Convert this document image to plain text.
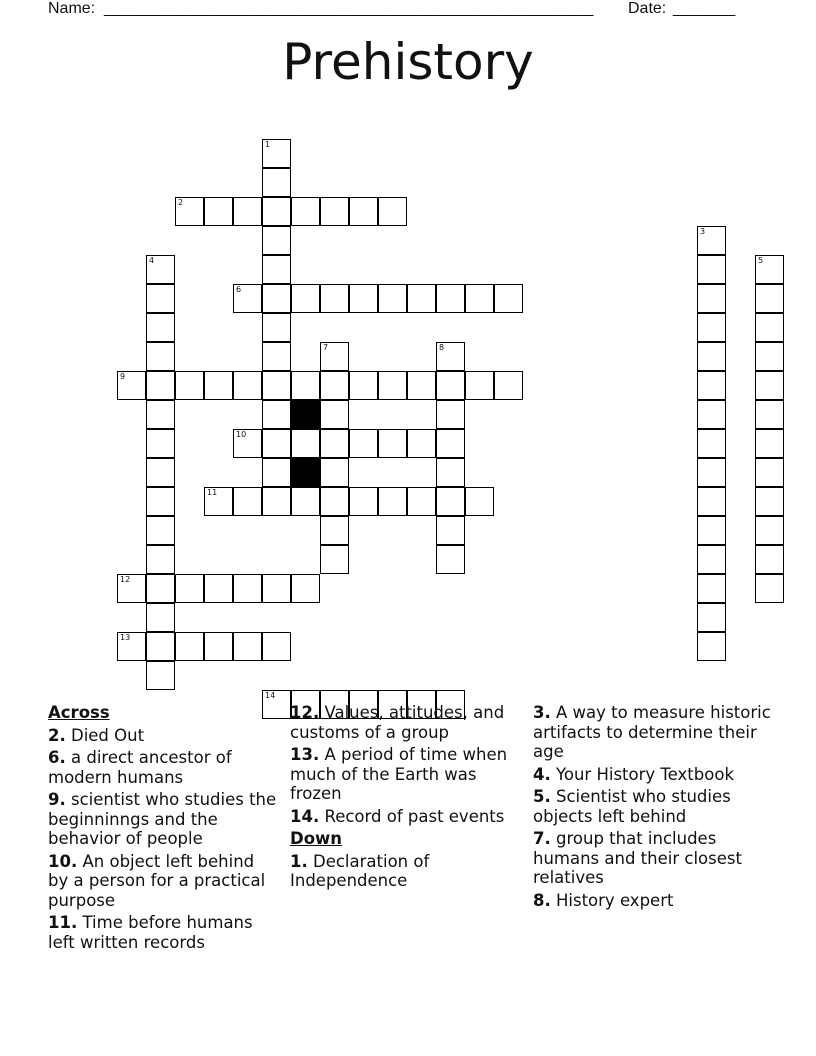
Name: _______________________________________________________ Date: _______
Prehistory
1
2
3
4	5
6
7	8
9
10
11
12
13
14
Across
2. Died Out
6. a direct ancestor of modern humans
9. scientist who studies the beginninngs and the behavior of people
10. An object left behind by a person for a practical purpose
11. Time before humans left written records
12. Values, attitudes, and customs of a group
13. A period of time when much of the Earth was frozen
14. Record of past events
Down
1. Declaration of Independence
3. A way to measure historic artifacts to determine their age
4. Your History Textbook
5. Scientist who studies objects left behind
7. group that includes humans and their closest relatives
8. History expert
